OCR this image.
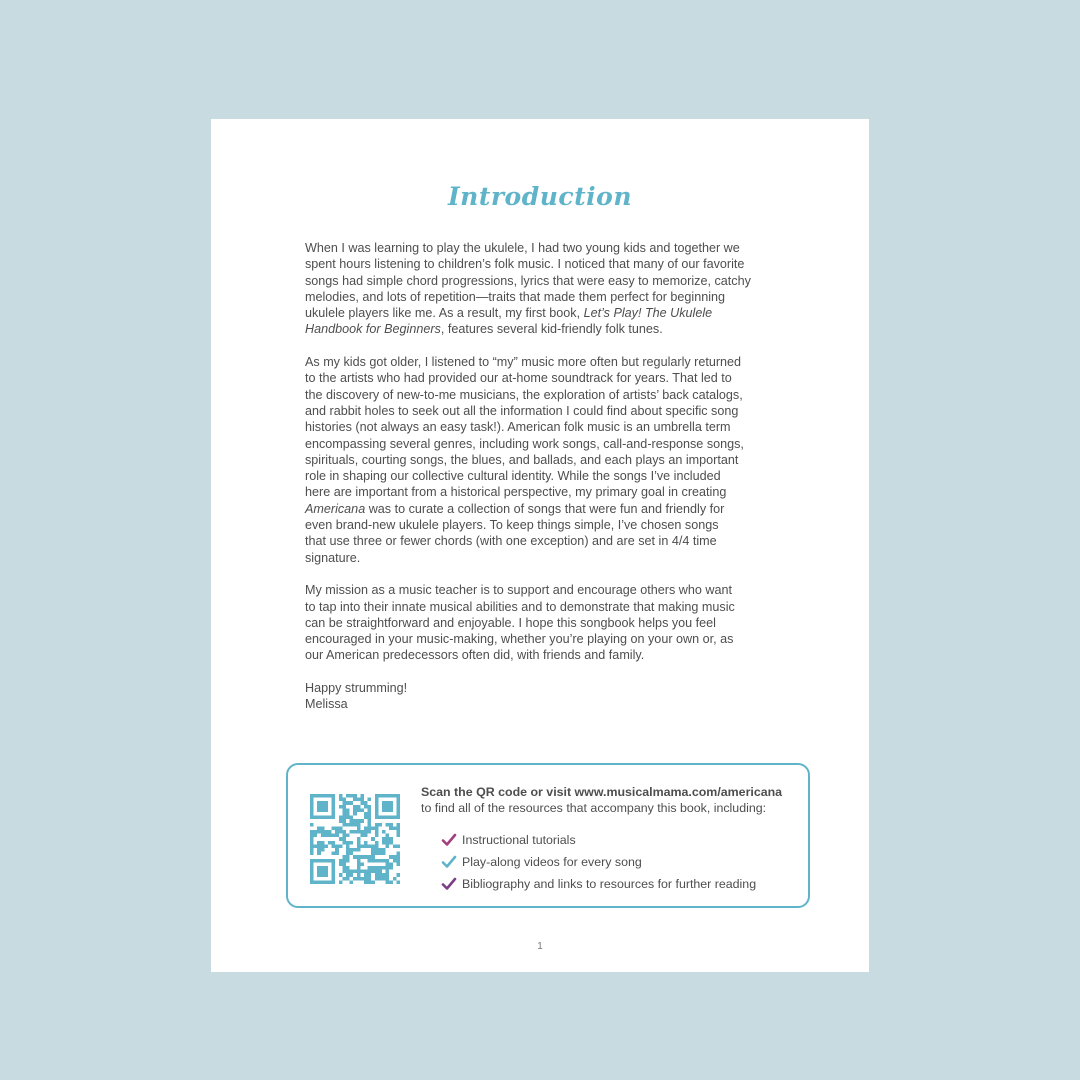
Introduction

When I was learning to play the ukulele, I had two young kids and together we
spent hours listening to children’s folk music. I noticed that many of our favorite
songs had simple chord progressions, lyrics that were easy to memorize, catchy
melodies, and lots of repetition—traits that made them perfect for beginning
ukulele players like me. As a result, my first book, Let’s Play! The Ukulele
Handbook for Beginners, features several kid-friendly folk tunes.

As my kids got older, I listened to “my” music more often but regularly returned
to the artists who had provided our at-home soundtrack for years. That led to
the discovery of new-to-me musicians, the exploration of artists’ back catalogs,
and rabbit holes to seek out all the information I could find about specific song
histories (not always an easy task!). American folk music is an umbrella term
encompassing several genres, including work songs, call-and-response songs,
spirituals, courting songs, the blues, and ballads, and each plays an important
role in shaping our collective cultural identity. While the songs I’ve included
here are important from a historical perspective, my primary goal in creating
Americana was to curate a collection of songs that were fun and friendly for
even brand-new ukulele players. To keep things simple, I’ve chosen songs
that use three or fewer chords (with one exception) and are set in 4/4 time
signature.

My mission as a music teacher is to support and encourage others who want
to tap into their innate musical abilities and to demonstrate that making music
can be straightforward and enjoyable. I hope this songbook helps you feel
encouraged in your music-making, whether you’re playing on your own or, as
our American predecessors often did, with friends and family.

Happy strumming!

Melissa

Scan the QR code or visit www.musicalmama.com/americana
to find all of the resources that accompany this book, including:
Instructional tutorials
Play-along videos for every song
Bibliography and links to resources for further reading
1
